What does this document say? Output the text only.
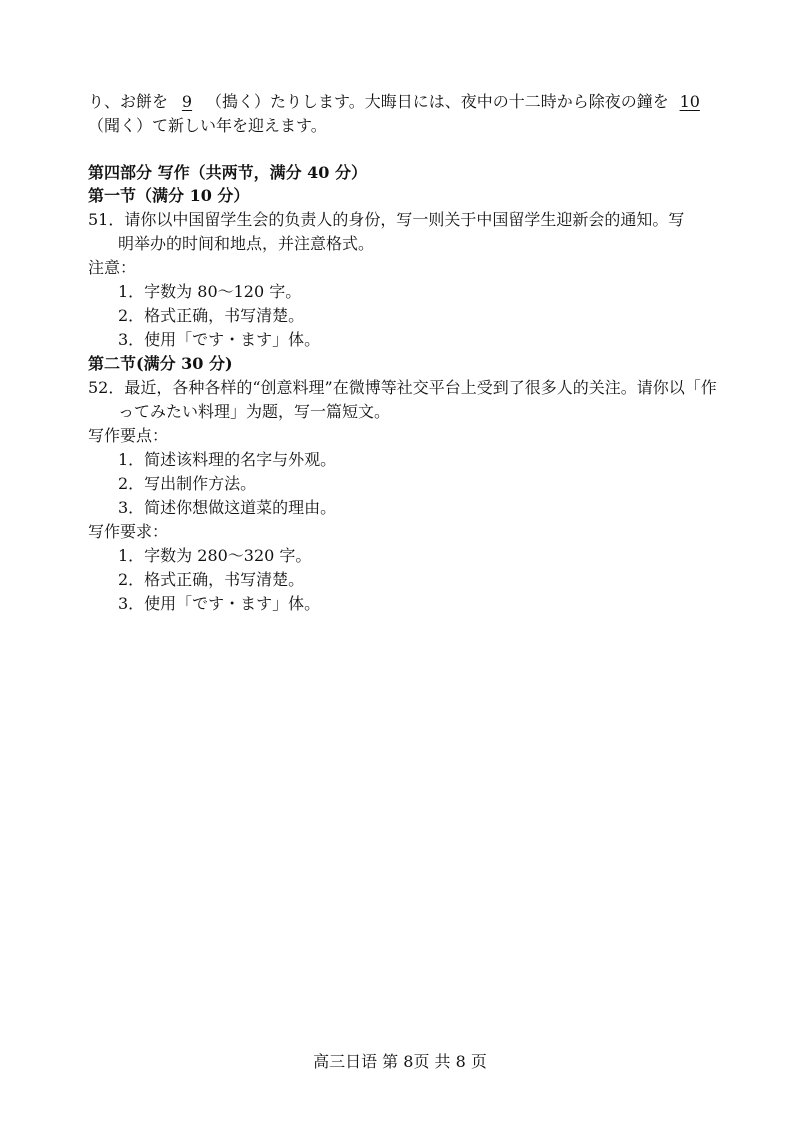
り、お餅を 9 （搗く）たりします。大晦日には、夜中の十二時から除夜の鐘を 10
（聞く）て新しい年を迎えます。
第四部分 写作（共两节，满分 40 分）
第一节（满分 10 分）
51．请你以中国留学生会的负责人的身份，写一则关于中国留学生迎新会的通知。写
明举办的时间和地点，并注意格式。
注意：
1．字数为 80～120 字。
2．格式正确，书写清楚。
3．使用「です・ます」体。
第二节(满分 30 分)
52．最近，各种各样的“创意料理”在微博等社交平台上受到了很多人的关注。请你以「作
ってみたい料理」为题，写一篇短文。
写作要点：
1．简述该料理的名字与外观。
2．写出制作方法。
3．简述你想做这道菜的理由。
写作要求：
1．字数为 280～320 字。
2．格式正确，书写清楚。
3．使用「です・ます」体。
高三日语 第 8页 共 8 页
